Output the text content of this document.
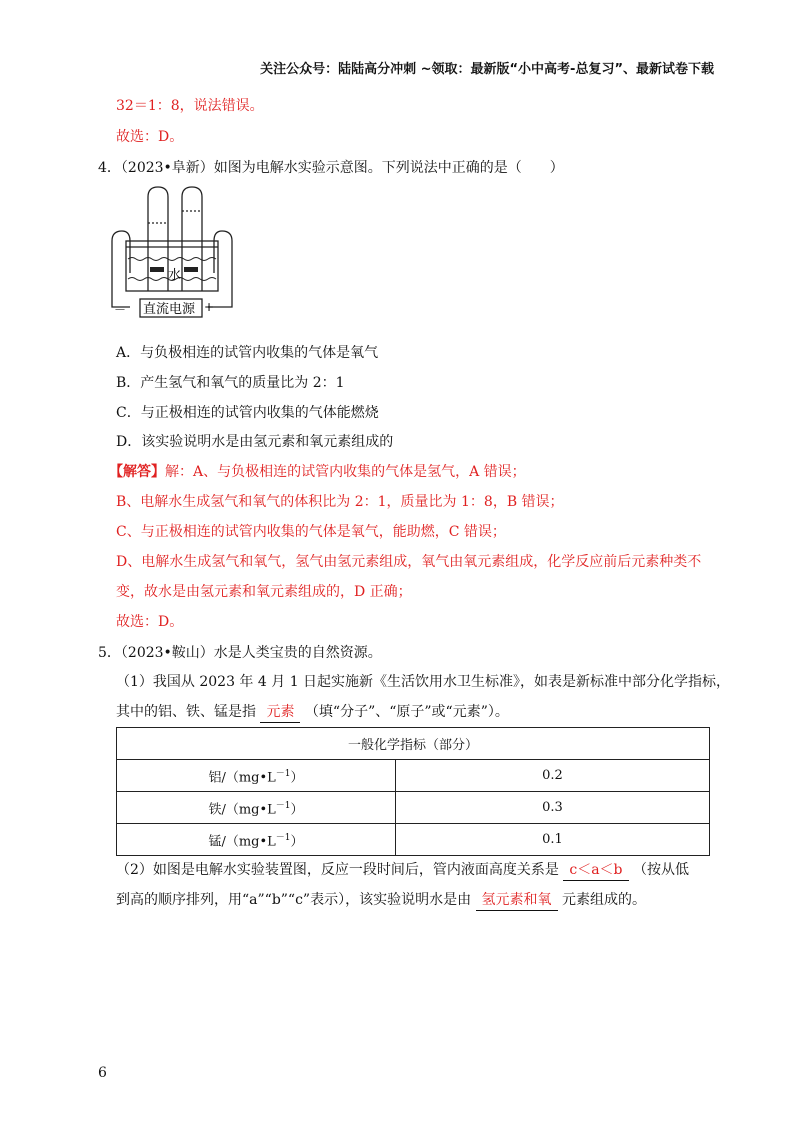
关注公众号：陆陆高分冲刺 ~领取：最新版“小中高考-总复习”、最新试卷下载
32＝1：8，说法错误。
故选：D。
4．（2023•阜新）如图为电解水实验示意图。下列说法中正确的是（　　）
水
直流电源
－	+
A．与负极相连的试管内收集的气体是氧气
B．产生氢气和氧气的质量比为 2：1
C．与正极相连的试管内收集的气体能燃烧
D．该实验说明水是由氢元素和氧元素组成的
【解答】解：A、与负极相连的试管内收集的气体是氢气，A 错误；
B、电解水生成氢气和氧气的体积比为 2：1，质量比为 1：8，B 错误；
C、与正极相连的试管内收集的气体是氧气，能助燃，C 错误；
D、电解水生成氢气和氧气，氢气由氢元素组成，氧气由氧元素组成，化学反应前后元素种类不
变，故水是由氢元素和氧元素组成的，D 正确；
故选：D。
5．（2023•鞍山）水是人类宝贵的自然资源。
（1）我国从 2023 年 4 月 1 日起实施新《生活饮用水卫生标准》，如表是新标准中部分化学指标，
其中的铝、铁、锰是指 元素 （填“分子”、“原子”或“元素”）。
一般化学指标（部分）	
铝$/(mg•L^{-1})$	0.2
铁$/(mg•L^{-1})$	0.3
锰$/(mg•L^{-1})$	0.1
（2）如图是电解水实验装置图，反应一段时间后，管内液面高度关系是 c＜a＜b （按从低
到高的顺序排列，用“a”“b”“c”表示），该实验说明水是由 氢元素和氧 元素组成的。
6
